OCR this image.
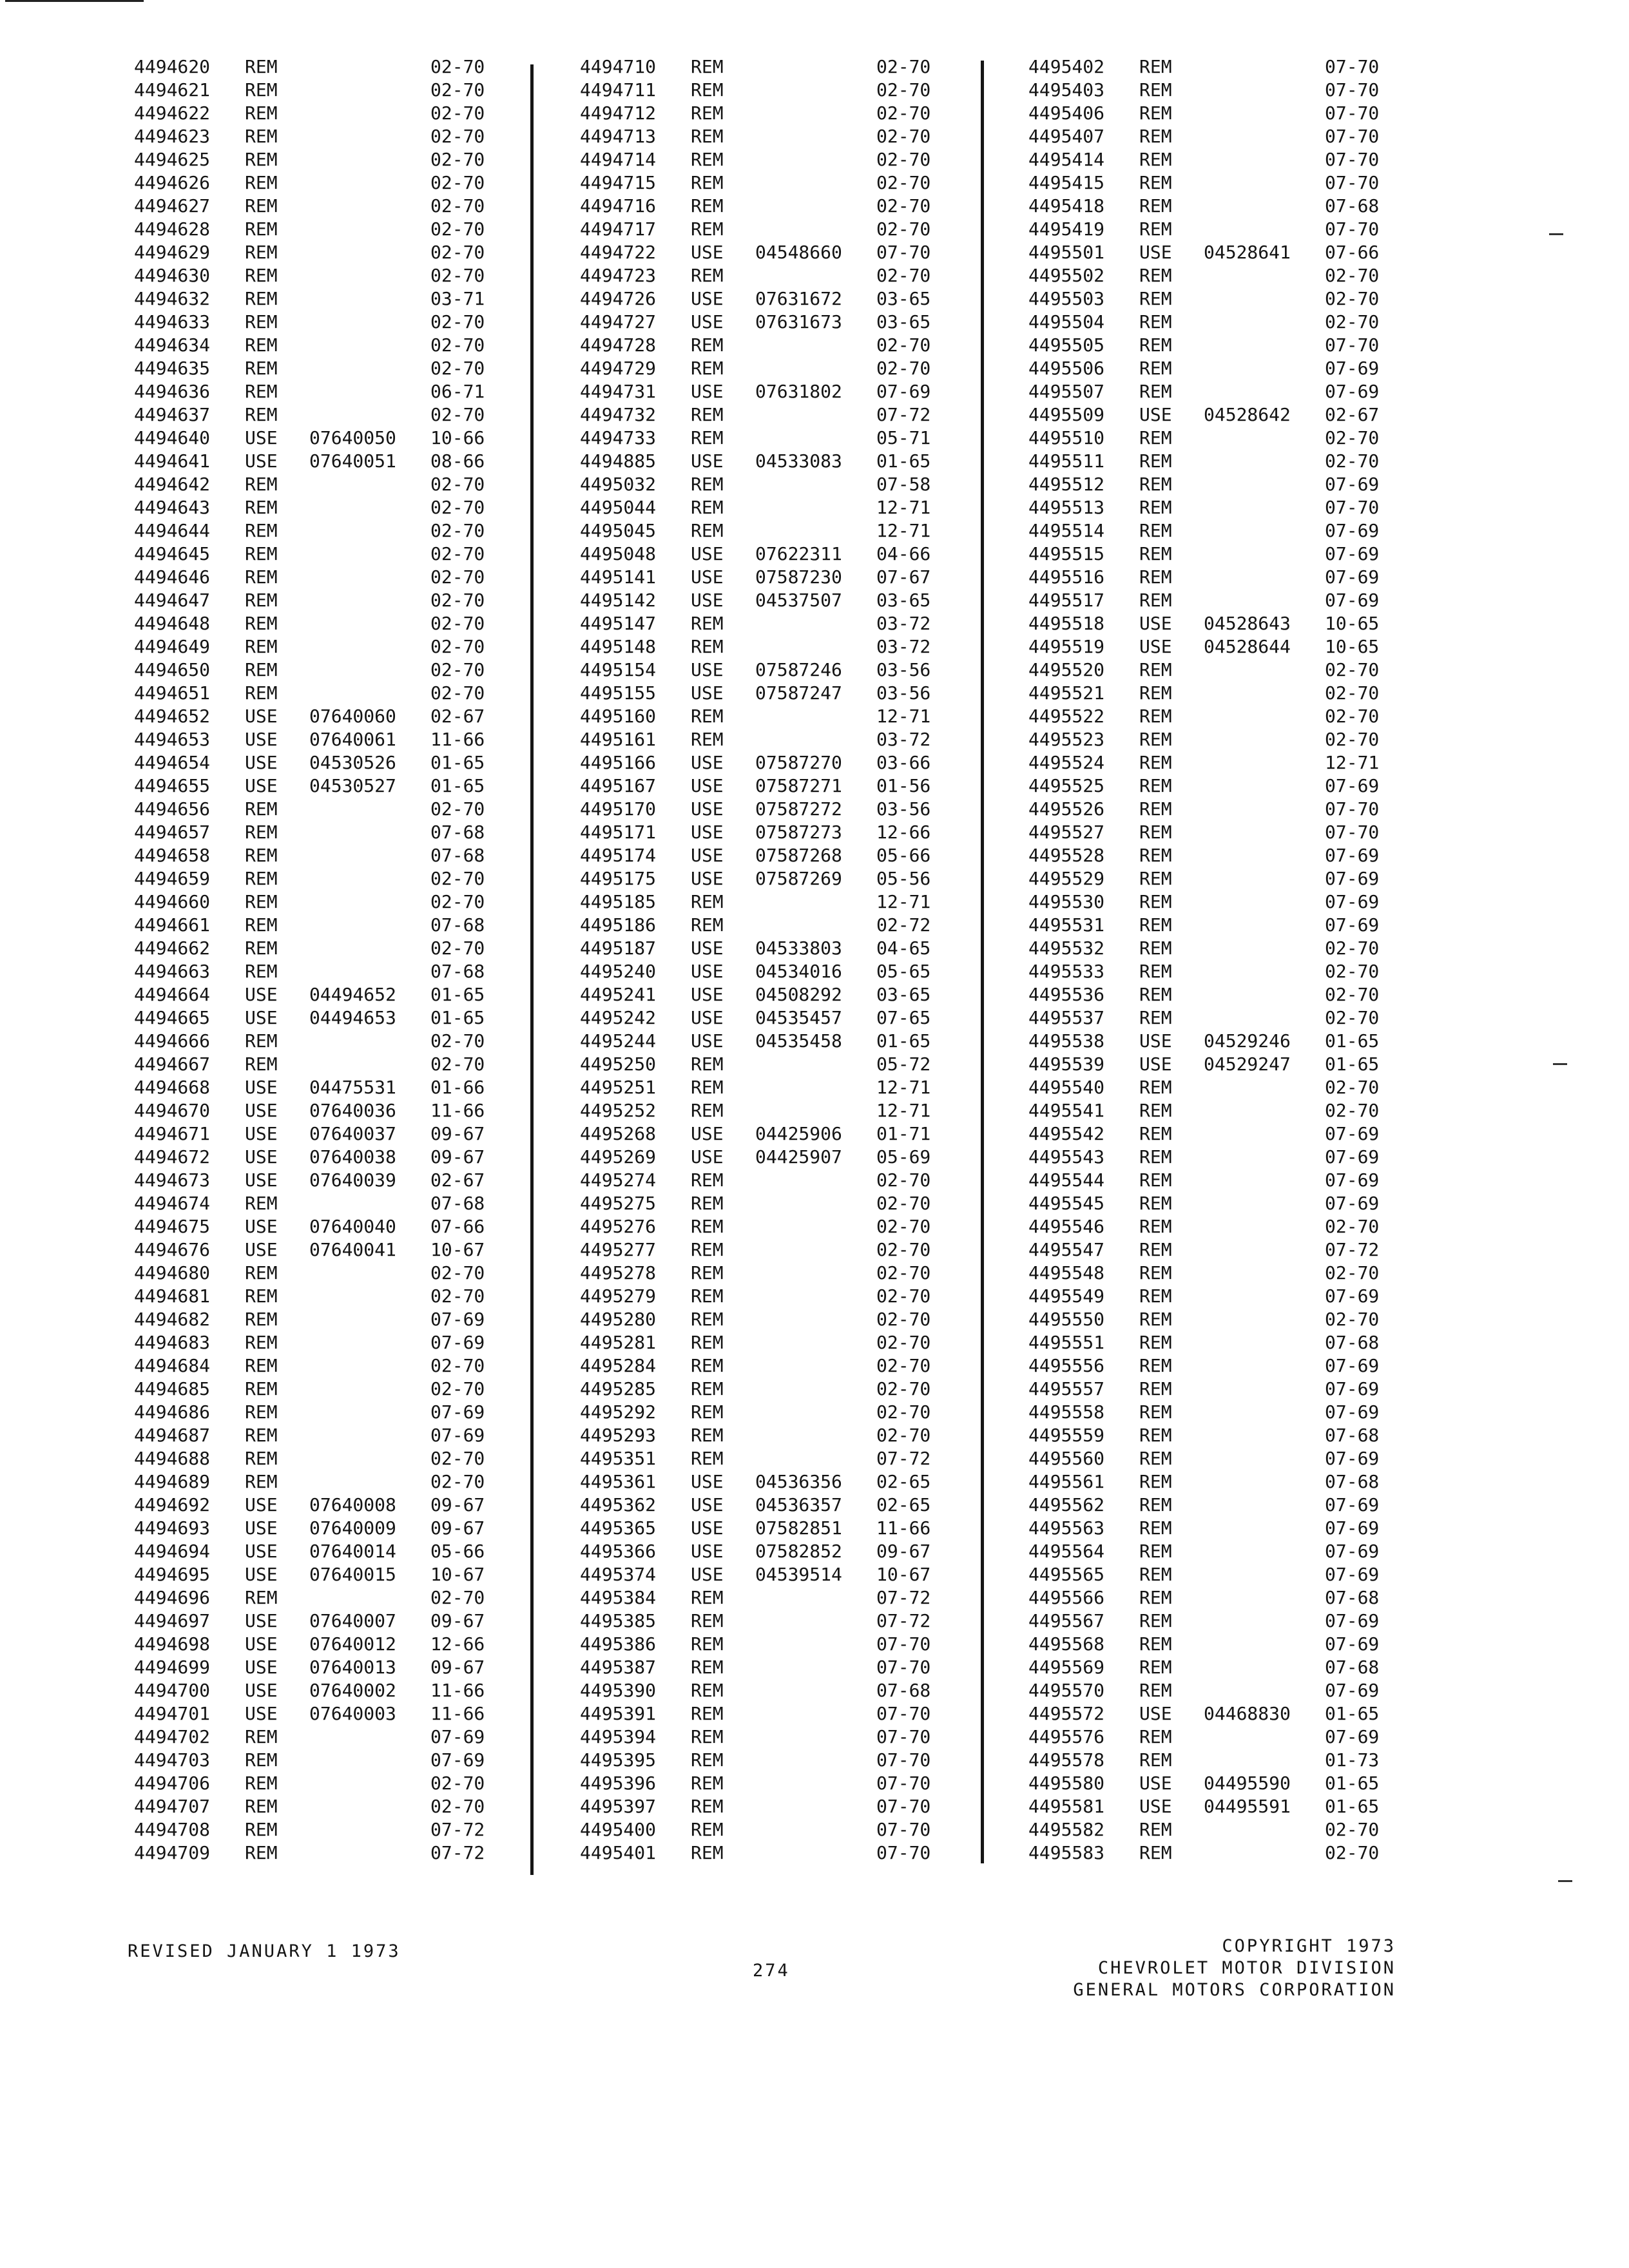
4494620 REM	02-70
4494621 REM	02-70
4494622 REM	02-70
4494623 REM	02-70
4494625 REM	02-70
4494626 REM	02-70
4494627 REM	02-70
4494628 REM	02-70
4494629 REM	02-70
4494630 REM	02-70
4494632 REM	03-71
4494633 REM	02-70
4494634 REM	02-70
4494635 REM	02-70
4494636 REM	06-71
4494637 REM	02-70
4494640 USE 07640050 10-66
4494641 USE 07640051 08-66
4494642 REM	02-70
4494643 REM	02-70
4494644 REM	02-70
4494645 REM	02-70
4494646 REM	02-70
4494647 REM	02-70
4494648 REM	02-70
4494649 REM	02-70
4494650 REM	02-70
4494651 REM	02-70
4494652 USE 07640060 02-67
4494653 USE 07640061 11-66
4494654 USE 04530526 01-65
4494655 USE 04530527 01-65
4494656 REM	02-70
4494657 REM	07-68
4494658 REM	07-68
4494659 REM	02-70
4494660 REM	02-70
4494661 REM	07-68
4494662 REM	02-70
4494663 REM	07-68
4494664 USE 04494652 01-65
4494665 USE 04494653 01-65
4494666 REM	02-70
4494667 REM	02-70
4494668 USE 04475531 01-66
4494670 USE 07640036 11-66
4494671 USE 07640037 09-67
4494672 USE 07640038 09-67
4494673 USE 07640039 02-67
4494674 REM	07-68
4494675 USE 07640040 07-66
4494676 USE 07640041 10-67
4494680 REM	02-70
4494681 REM	02-70
4494682 REM	07-69
4494683 REM	07-69
4494684 REM	02-70
4494685 REM	02-70
4494686 REM	07-69
4494687 REM	07-69
4494688 REM	02-70
4494689 REM	02-70
4494692 USE 07640008 09-67
4494693 USE 07640009 09-67
4494694 USE 07640014 05-66
4494695 USE 07640015 10-67
4494696 REM	02-70
4494697 USE 07640007 09-67
4494698 USE 07640012 12-66
4494699 USE 07640013 09-67
4494700 USE 07640002 11-66
4494701 USE 07640003 11-66
4494702 REM	07-69
4494703 REM	07-69
4494706 REM	02-70
4494707 REM	02-70
4494708 REM	07-72
4494709 REM	07-72
4494710 REM	02-70
4494711 REM	02-70
4494712 REM	02-70
4494713 REM	02-70
4494714 REM	02-70
4494715 REM	02-70
4494716 REM	02-70
4494717 REM	02-70
4494722 USE 04548660 07-70
4494723 REM	02-70
4494726 USE 07631672 03-65
4494727 USE 07631673 03-65
4494728 REM	02-70
4494729 REM	02-70
4494731 USE 07631802 07-69
4494732 REM	07-72
4494733 REM	05-71
4494885 USE 04533083 01-65
4495032 REM	07-58
4495044 REM	12-71
4495045 REM	12-71
4495048 USE 07622311 04-66
4495141 USE 07587230 07-67
4495142 USE 04537507 03-65
4495147 REM	03-72
4495148 REM	03-72
4495154 USE 07587246 03-56
4495155 USE 07587247 03-56
4495160 REM	12-71
4495161 REM	03-72
4495166 USE 07587270 03-66
4495167 USE 07587271 01-56
4495170 USE 07587272 03-56
4495171 USE 07587273 12-66
4495174 USE 07587268 05-66
4495175 USE 07587269 05-56
4495185 REM	12-71
4495186 REM	02-72
4495187 USE 04533803 04-65
4495240 USE 04534016 05-65
4495241 USE 04508292 03-65
4495242 USE 04535457 07-65
4495244 USE 04535458 01-65
4495250 REM	05-72
4495251 REM	12-71
4495252 REM	12-71
4495268 USE 04425906 01-71
4495269 USE 04425907 05-69
4495274 REM	02-70
4495275 REM	02-70
4495276 REM	02-70
4495277 REM	02-70
4495278 REM	02-70
4495279 REM	02-70
4495280 REM	02-70
4495281 REM	02-70
4495284 REM	02-70
4495285 REM	02-70
4495292 REM	02-70
4495293 REM	02-70
4495351 REM	07-72
4495361 USE 04536356 02-65
4495362 USE 04536357 02-65
4495365 USE 07582851 11-66
4495366 USE 07582852 09-67
4495374 USE 04539514 10-67
4495384 REM	07-72
4495385 REM	07-72
4495386 REM	07-70
4495387 REM	07-70
4495390 REM	07-68
4495391 REM	07-70
4495394 REM	07-70
4495395 REM	07-70
4495396 REM	07-70
4495397 REM	07-70
4495400 REM	07-70
4495401 REM	07-70
4495402 REM	07-70
4495403 REM	07-70
4495406 REM	07-70
4495407 REM	07-70
4495414 REM	07-70
4495415 REM	07-70
4495418 REM	07-68
4495419 REM	07-70
4495501 USE 04528641 07-66
4495502 REM	02-70
4495503 REM	02-70
4495504 REM	02-70
4495505 REM	07-70
4495506 REM	07-69
4495507 REM	07-69
4495509 USE 04528642 02-67
4495510 REM	02-70
4495511 REM	02-70
4495512 REM	07-69
4495513 REM	07-70
4495514 REM	07-69
4495515 REM	07-69
4495516 REM	07-69
4495517 REM	07-69
4495518 USE 04528643 10-65
4495519 USE 04528644 10-65
4495520 REM	02-70
4495521 REM	02-70
4495522 REM	02-70
4495523 REM	02-70
4495524 REM	12-71
4495525 REM	07-69
4495526 REM	07-70
4495527 REM	07-70
4495528 REM	07-69
4495529 REM	07-69
4495530 REM	07-69
4495531 REM	07-69
4495532 REM	02-70
4495533 REM	02-70
4495536 REM	02-70
4495537 REM	02-70
4495538 USE 04529246 01-65
4495539 USE 04529247 01-65
4495540 REM	02-70
4495541 REM	02-70
4495542 REM	07-69
4495543 REM	07-69
4495544 REM	07-69
4495545 REM	07-69
4495546 REM	02-70
4495547 REM	07-72
4495548 REM	02-70
4495549 REM	07-69
4495550 REM	02-70
4495551 REM	07-68
4495556 REM	07-69
4495557 REM	07-69
4495558 REM	07-69
4495559 REM	07-68
4495560 REM	07-69
4495561 REM	07-68
4495562 REM	07-69
4495563 REM	07-69
4495564 REM	07-69
4495565 REM	07-69
4495566 REM	07-68
4495567 REM	07-69
4495568 REM	07-69
4495569 REM	07-68
4495570 REM	07-69
4495572 USE 04468830 01-65
4495576 REM	07-69
4495578 REM	01-73
4495580 USE 04495590 01-65
4495581 USE 04495591 01-65
4495582 REM	02-70
4495583 REM	02-70
REVISED JANUARY 1 1973
274
COPYRIGHT 1973
CHEVROLET MOTOR DIVISION
GENERAL MOTORS CORPORATION
